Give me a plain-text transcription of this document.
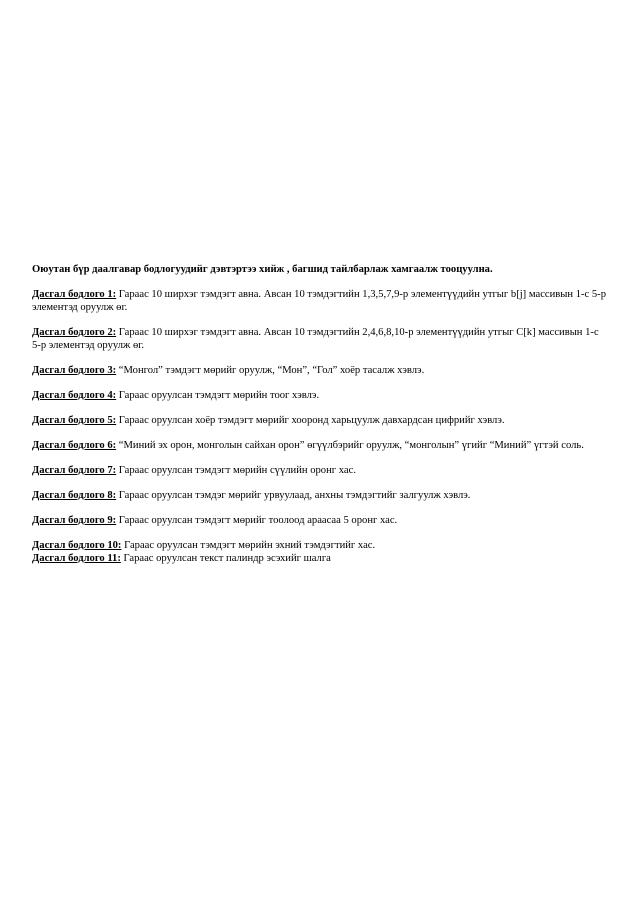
Оюутан бүр даалгавар бодлогуудийг дэвтэртээ хийж , багшид тайлбарлаж хамгаалж тооцуулна.

Дасгал бодлого 1: Гараас 10 ширхэг тэмдэгт авна. Авсан 10 тэмдэгтийн 1,3,5,7,9-р элементүүдийн утгыг b[j] массивын 1-с 5-р элементэд оруулж өг.

Дасгал бодлого 2: Гараас 10 ширхэг тэмдэгт авна. Авсан 10 тэмдэгтийн 2,4,6,8,10-р элементүүдийн утгыг C[k] массивын 1-с 5-р элементэд оруулж өг.

Дасгал бодлого 3: “Монгол” тэмдэгт мөрийг оруулж, “Мон”, “Гол” хоёр тасалж хэвлэ.

Дасгал бодлого 4: Гараас оруулсан тэмдэгт мөрийн тоог хэвлэ.

Дасгал бодлого 5: Гараас оруулсан хоёр тэмдэгт мөрийг хооронд харьцуулж давхардсан цифрийг хэвлэ.

Дасгал бодлого 6: “Миний эх орон, монголын сайхан орон” өгүүлбэрийг оруулж, “монголын” үгийг “Миний” үгтэй соль.

Дасгал бодлого 7: Гараас оруулсан тэмдэгт мөрийн сүүлийн оронг хас.

Дасгал бодлого 8: Гараас оруулсан тэмдэг мөрийг урвуулаад, анхны тэмдэгтийг залгуулж хэвлэ.

Дасгал бодлого 9: Гараас оруулсан тэмдэгт мөрийг тоолоод араасаа 5 оронг хас.

Дасгал бодлого 10: Гараас оруулсан тэмдэгт мөрийн эхний тэмдэгтийг хас.

Дасгал бодлого 11: Гараас оруулсан текст палиндр эсэхийг шалга
